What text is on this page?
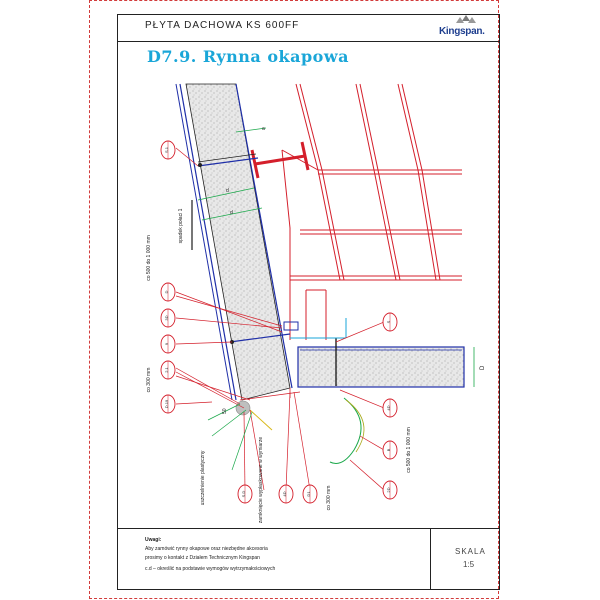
PŁYTA DACHOWA KS 600FF
Kingspan.
D7.9. Rynna okapowa
a
d
d
D
co 500 do 1 000 mm
spadek połaci 1
co 300 mm
50
uszczelnienie plastyczny	zamknięcie wypłaskowane w wymiarze	co 300 mm
co 500 do 1 000 mm
S.1
D
3D
9
2.1
D.19
S
4D
B
2D
S.D	4D	D1
Uwagi:
Aby zamówić rynny okapowe oraz niezbędne akcesoria
prosimy o kontakt z Działem Technicznym Kingspan
c.d – określić na podstawie wymogów wytrzymałościowych
SKALA
1:5
